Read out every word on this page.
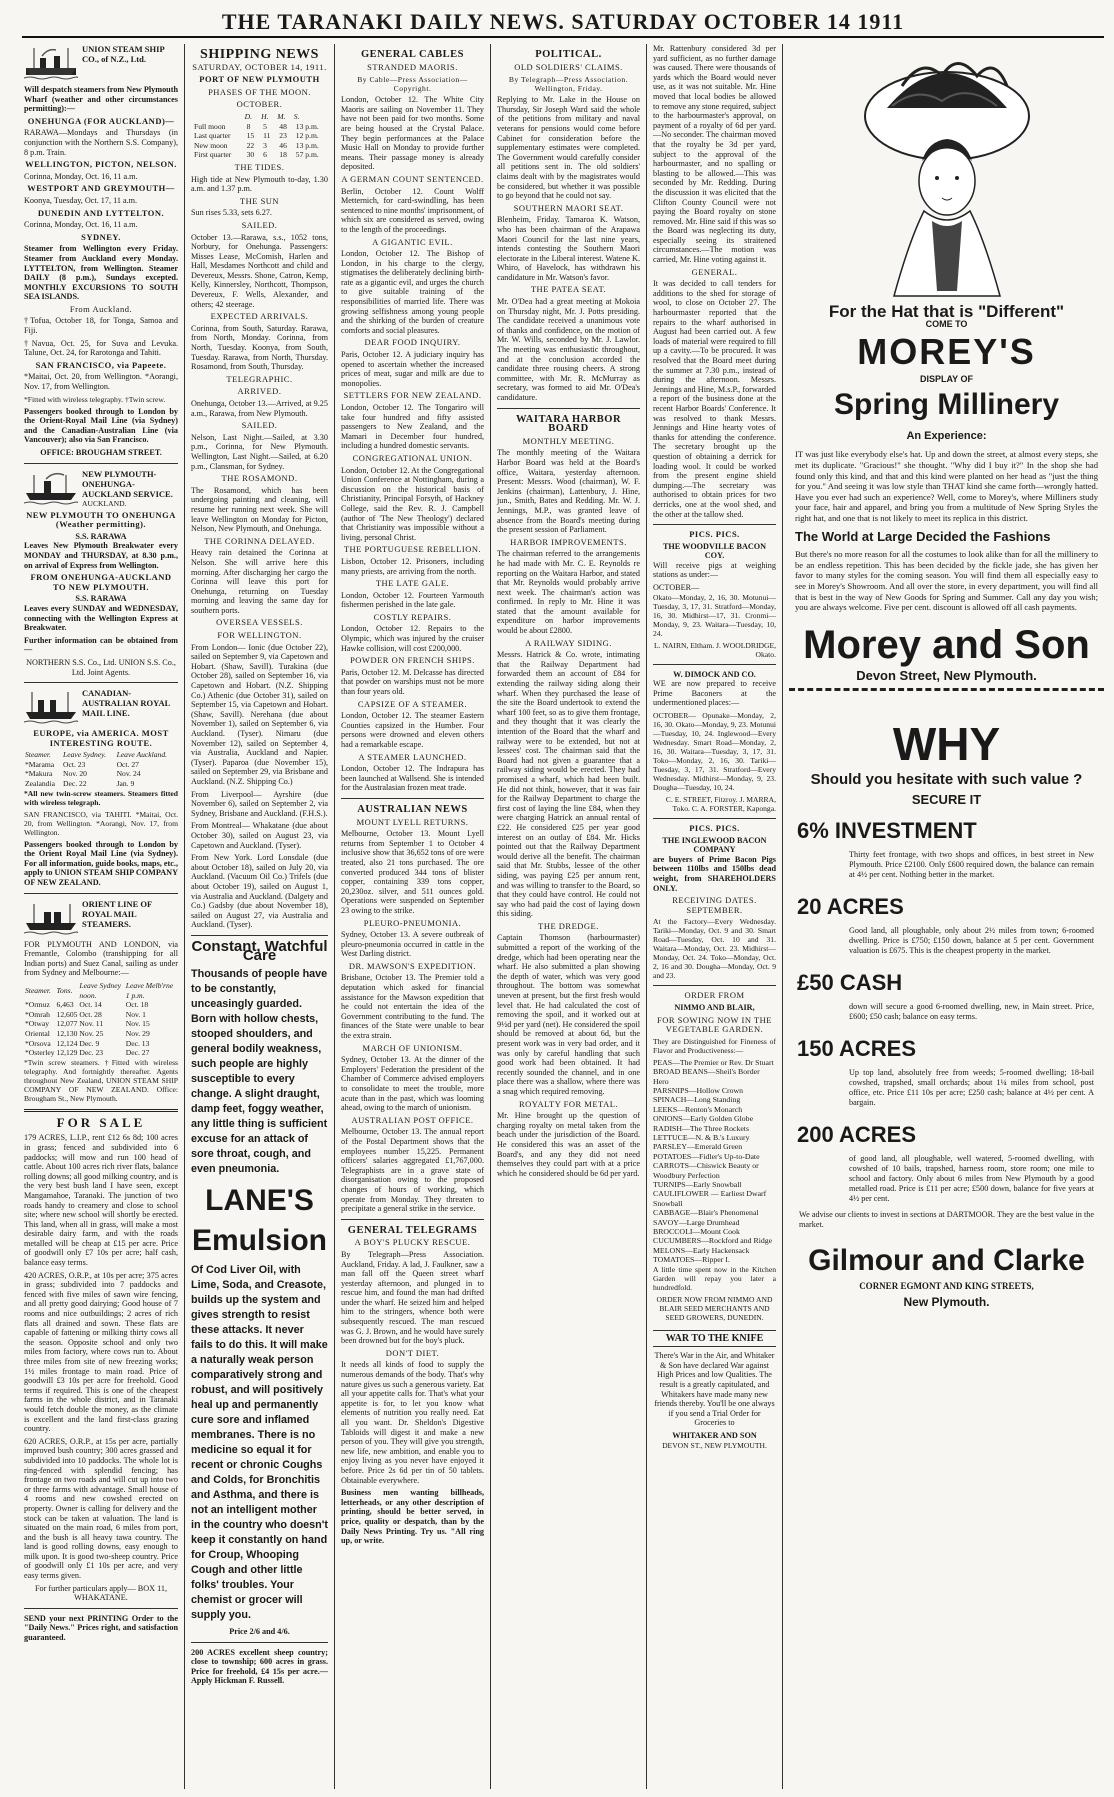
THE TARANAKI DAILY NEWS. SATURDAY OCTOBER 14 1911
UNION STEAM SHIP CO., of N.Z., Ltd.

Will despatch steamers from New Plymouth Wharf (weather and other circumstances permitting):—

ONEHUNGA (FOR AUCKLAND)—

RARAWA—Mondays and Thursdays (in conjunction with the Northern S.S. Company), 8 p.m. Train.

WELLINGTON, PICTON, NELSON.

Corinna, Monday, Oct. 16, 11 a.m.

WESTPORT AND GREYMOUTH—

Koonya, Tuesday, Oct. 17, 11 a.m.

DUNEDIN AND LYTTELTON.

Corinna, Monday, Oct. 16, 11 a.m.

SYDNEY.

Steamer from Wellington every Friday. Steamer from Auckland every Monday. LYTTELTON, from Wellington. Steamer DAILY (8 p.m.), Sundays excepted. MONTHLY EXCURSIONS TO SOUTH SEA ISLANDS.

From Auckland.

†Tofua, October 18, for Tonga, Samoa and Fiji.

†Navua, Oct. 25, for Suva and Levuka. Talune, Oct. 24, for Rarotonga and Tahiti.

SAN FRANCISCO, via Papeete.

*Maitai, Oct. 20, from Wellington. *Aorangi, Nov. 17, from Wellington.

*Fitted with wireless telegraphy. †Twin screw.

Passengers booked through to London by the Orient-Royal Mail Line (via Sydney) and the Canadian-Australian Line (via Vancouver); also via San Francisco.

OFFICE: BROUGHAM STREET.
NEW PLYMOUTH-ONEHUNGA-AUCKLAND SERVICE.
AUCKLAND.
NEW PLYMOUTH TO ONEHUNGA (Weather permitting).
S.S. RARAWA

Leaves New Plymouth Breakwater every MONDAY and THURSDAY, at 8.30 p.m., on arrival of Express from Wellington.

FROM ONEHUNGA-AUCKLAND TO NEW PLYMOUTH.
S.S. RARAWA

Leaves every SUNDAY and WEDNESDAY, connecting with the Wellington Express at Breakwater.

Further information can be obtained from—

NORTHERN S.S. Co., Ltd. UNION S.S. Co., Ltd. Joint Agents.

CANADIAN-AUSTRALIAN ROYAL MAIL LINE.
EUROPE, via AMERICA. MOST INTERESTING ROUTE.
Steamer.	Leave Sydney.	Leave Auckland.
*Marama	Oct. 23	Oct. 27
*Makura	Nov. 20	Nov. 24
Zealandia	Dec. 22	Jan. 9

*All new twin-screw steamers. Steamers fitted with wireless telegraph.

SAN FRANCISCO, via TAHITI. *Maitai, Oct. 20, from Wellington. *Aorangi, Nov. 17, from Wellington.

Passengers booked through to London by the Orient Royal Mail Line (via Sydney). For all information, guide books, maps, etc., apply to UNION STEAM SHIP COMPANY OF NEW ZEALAND.

ORIENT LINE OF ROYAL MAIL STEAMERS.

FOR PLYMOUTH AND LONDON, via Fremantle, Colombo (transhipping for all Indian ports) and Suez Canal, sailing as under from Sydney and Melbourne:—

Steamer.	Tons.	Leave Sydney noon.	Leave Melb'rne 1 p.m.
*Ormuz	6,463	Oct. 14	Oct. 18
*Omrah	12,605	Oct. 28	Nov. 1
*Otway	12,077	Nov. 11	Nov. 15
Oriental	12,130	Nov. 25	Nov. 29
*Orsova	12,124	Dec. 9	Dec. 13
*Osterley	12,129	Dec. 23	Dec. 27

*Twin screw steamers. †Fitted with wireless telegraphy. And fortnightly thereafter. Agents throughout New Zealand, UNION STEAM SHIP COMPANY OF NEW ZEALAND. Office: Brougham St., New Plymouth.

FOR SALE

179 ACRES, L.I.P., rent £12 6s 8d; 100 acres in grass; fenced and subdivided into 6 paddocks; will mow and run 100 head of cattle. About 100 acres rich river flats, balance rolling downs; all good milking country, and is the very best bush land I have seen, except Mangamahoe, Taranaki. The junction of two roads handy to creamery and close to school site; where new school will shortly be erected. This land, when all in grass, will make a most desirable dairy farm, and with the roads metalled will be cheap at £15 per acre. Price of goodwill only £7 10s per acre; half cash, balance easy terms.

420 ACRES, O.R.P., at 10s per acre; 375 acres in grass; subdivided into 7 paddocks and fenced with five miles of sawn wire fencing, and all pretty good dairying; Good house of 7 rooms and nice outbuildings; 2 acres of rich flats all drained and sown. These flats are capable of fattening or milking thirty cows all the season. Opposite school and only two miles from factory, where cows run to. About three miles from site of new freezing works; 1½ miles frontage to main road. Price of goodwill £3 10s per acre for freehold. Good terms if required. This is one of the cheapest farms in the whole district, and in Taranaki would fetch double the money, as the climate is excellent and the land first-class grazing country.

620 ACRES, O.R.P., at 15s per acre, partially improved bush country; 300 acres grassed and subdivided into 10 paddocks. The whole lot is ring-fenced with splendid fencing; has frontage on two roads and will cut up into two or three farms with advantage. Small house of 4 rooms and new cowshed erected on property. Owner is calling for delivery and the stock can be taken at valuation. The land is situated on the main road, 6 miles from port, and the bush is all heavy tawa country. The land is good rolling downs, easy enough to milk upon. It is good two-sheep country. Price of goodwill only £1 10s per acre, and very easy terms given.

For further particulars apply— BOX 11, WHAKATANE.

SEND your next PRINTING Order to the "Daily News." Prices right, and satisfaction guaranteed.

SHIPPING NEWS
SATURDAY, OCTOBER 14, 1911.
PORT OF NEW PLYMOUTH
PHASES OF THE MOON.
OCTOBER.
	D.	H.	M.	S.
Full moon	8	5	48	13 p.m.
Last quarter	15	11	23	12 p.m.
New moon	22	3	46	13 p.m.
First quarter	30	6	18	57 p.m.
THE TIDES.

High tide at New Plymouth to-day, 1.30 a.m. and 1.37 p.m.

THE SUN

Sun rises 5.33, sets 6.27.

SAILED.

October 13.—Rarawa, s.s., 1052 tons, Norbury, for Onehunga. Passengers: Misses Lease, McComish, Harlen and Hall, Mesdames Northcott and child and Devereux, Messrs. Shone, Catron, Kemp, Kelly, Kinnersley, Northcott, Thompson, Devereux, F. Wells, Alexander, and others; 42 steerage.

EXPECTED ARRIVALS.

Corinna, from South, Saturday. Rarawa, from North, Monday. Corinna, from North, Tuesday. Koonya, from South, Tuesday. Rarawa, from North, Thursday. Rosamond, from South, Thursday.

TELEGRAPHIC.
ARRIVED.

Onehunga, October 13.—Arrived, at 9.25 a.m., Rarawa, from New Plymouth.

SAILED.

Nelson, Last Night.—Sailed, at 3.30 p.m., Corinna, for New Plymouth. Wellington, Last Night.—Sailed, at 6.20 p.m., Clansman, for Sydney.

THE ROSAMOND.

The Rosamond, which has been undergoing painting and cleaning, will resume her running next week. She will leave Wellington on Monday for Picton, Nelson, New Plymouth, and Onehunga.

THE CORINNA DELAYED.

Heavy rain detained the Corinna at Nelson. She will arrive here this morning. After discharging her cargo the Corinna will leave this port for Onehunga, returning on Tuesday morning and leaving the same day for southern ports.

OVERSEA VESSELS.
FOR WELLINGTON.

From London— Ionic (due October 22), sailed on September 9, via Capetown and Hobart. (Shaw, Savill). Turakina (due October 28), sailed on September 16, via Capetown and Hobart. (N.Z. Shipping Co.) Athenic (due October 31), sailed on September 15, via Capetown and Hobart. (Shaw, Savill). Nerehana (due about November 1), sailed on September 6, via Auckland. (Tyser). Nimaru (due November 12), sailed on September 4, via Australia, Auckland and Napier. (Tyser). Paparoa (due November 15), sailed on September 29, via Brisbane and Auckland. (N.Z. Shipping Co.)

From Liverpool— Ayrshire (due November 6), sailed on September 2, via Sydney, Brisbane and Auckland. (F.H.S.).

From Montreal— Whakatane (due about October 30), sailed on August 23, via Capetown and Auckland. (Tyser).

From New York. Lord Lonsdale (due about October 18), sailed on July 20, via Auckland. (Vacuum Oil Co.) Trifels (due about October 19), sailed on August 1, via Australia and Auckland. (Dalgety and Co.) Gadsby (due about November 18), sailed on August 27, via Australia and Auckland. (Tyser).

Constant, Watchful Care
Thousands of people have to be constantly, unceasingly guarded. Born with hollow chests, stooped shoulders, and general bodily weakness, such people are highly susceptible to every change. A slight draught, damp feet, foggy weather, any little thing is sufficient excuse for an attack of sore throat, cough, and even pneumonia.
LANE'S
Emulsion
Of Cod Liver Oil, with Lime, Soda, and Creasote, builds up the system and gives strength to resist these attacks. It never fails to do this. It will make a naturally weak person comparatively strong and robust, and will positively heal up and permanently cure sore and inflamed membranes. There is no medicine so equal it for recent or chronic Coughs and Colds, for Bronchitis and Asthma, and there is not an intelligent mother in the country who doesn't keep it constantly on hand for Croup, Whooping Cough and other little folks' troubles. Your chemist or grocer will supply you.
Price 2/6 and 4/6.

200 ACRES excellent sheep country; close to township; 600 acres in grass. Price for freehold, £4 15s per acre.—Apply Hickman F. Russell.

GENERAL CABLES
STRANDED MAORIS.
By Cable—Press Association—Copyright.

London, October 12. The White City Maoris are sailing on November 11. They have not been paid for two months. Some are being housed at the Crystal Palace. They begin performances at the Palace Music Hall on Monday to provide further means. Their passage money is already deposited.

A GERMAN COUNT SENTENCED.

Berlin, October 12. Count Wolff Metternich, for card-swindling, has been sentenced to nine months' imprisonment, of which six are considered as served, owing to the length of the proceedings.

A GIGANTIC EVIL.

London, October 12. The Bishop of London, in his charge to the clergy, stigmatises the deliberately declining birth-rate as a gigantic evil, and urges the church to give suitable training of the responsibilities of married life. There was growing selfishness among young people and the shirking of the burden of creature comforts and social pleasures.

DEAR FOOD INQUIRY.

Paris, October 12. A judiciary inquiry has opened to ascertain whether the increased prices of meat, sugar and milk are due to monopolies.

SETTLERS FOR NEW ZEALAND.

London, October 12. The Tongariro will take four hundred and fifty assisted passengers to New Zealand, and the Mamari in December four hundred, including a hundred domestic servants.

CONGREGATIONAL UNION.

London, October 12. At the Congregational Union Conference at Nottingham, during a discussion on the historical basis of Christianity, Principal Forsyth, of Hackney College, said the Rev. R. J. Campbell (author of 'The New Theology') declared that Christianity was impossible without a living, personal Christ.

THE PORTUGUESE REBELLION.

Lisbon, October 12. Prisoners, including many priests, are arriving from the north.

THE LATE GALE.

London, October 12. Fourteen Yarmouth fishermen perished in the late gale.

COSTLY REPAIRS.

London, October 12. Repairs to the Olympic, which was injured by the cruiser Hawke collision, will cost £200,000.

POWDER ON FRENCH SHIPS.

Paris, October 12. M. Delcasse has directed that powder on warships must not be more than four years old.

CAPSIZE OF A STEAMER.

London, October 12. The steamer Eastern Counties capsized in the Humber. Four persons were drowned and eleven others had a remarkable escape.

A STEAMER LAUNCHED.

London, October 12. The Indrapura has been launched at Wallsend. She is intended for the Australasian frozen meat trade.

AUSTRALIAN NEWS
MOUNT LYELL RETURNS.

Melbourne, October 13. Mount Lyell returns from September 1 to October 4 inclusive show that 36,652 tons of ore were treated, also 21 tons purchased. The ore converted produced 344 tons of blister copper, containing 339 tons copper, 20,230oz. silver, and 511 ounces gold. Operations were suspended on September 23 owing to the strike.

PLEURO-PNEUMONIA.

Sydney, October 13. A severe outbreak of pleuro-pneumonia occurred in cattle in the West Darling district.

DR. MAWSON'S EXPEDITION.

Brisbane, October 13. The Premier told a deputation which asked for financial assistance for the Mawson expedition that he could not entertain the idea of the Government contributing to the fund. The finances of the State were unable to bear the extra strain.

MARCH OF UNIONISM.

Sydney, October 13. At the dinner of the Employers' Federation the president of the Chamber of Commerce advised employers to consolidate to meet the trouble, more acute than in the past, which was looming ahead, owing to the march of unionism.

AUSTRALIAN POST OFFICE.

Melbourne, October 13. The annual report of the Postal Department shows that the employees number 15,225. Permanent officers' salaries aggregated £1,767,000. Telegraphists are in a grave state of disorganisation owing to the proposed changes of hours of working, which operate from Monday. They threaten to precipitate a general strike in the service.

GENERAL TELEGRAMS
A BOY'S PLUCKY RESCUE.

By Telegraph—Press Association. Auckland, Friday. A lad, J. Faulkner, saw a man fall off the Queen street wharf yesterday afternoon, and plunged in to rescue him, and found the man had drifted under the wharf. He seized him and helped him to the stringers, whence both were subsequently rescued. The man rescued was G. J. Brown, and he would have surely been drowned but for the boy's pluck.

DON'T DIET.

It needs all kinds of food to supply the numerous demands of the body. That's why nature gives us such a generous variety. Eat all your appetite calls for. That's what your appetite is for, to let you know what elements of nutrition you really need. Eat all you want. Dr. Sheldon's Digestive Tabloids will digest it and make a new person of you. They will give you strength, new life, new ambition, and enable you to enjoy living as you never have enjoyed it before. Price 2s 6d per tin of 50 tablets. Obtainable everywhere.

Business men wanting billheads, letterheads, or any other description of printing, should be better served, in price, quality or despatch, than by the Daily News Printing. Try us. "All ring up, or write.

POLITICAL.
OLD SOLDIERS' CLAIMS.
By Telegraph—Press Association. Wellington, Friday.

Replying to Mr. Lake in the House on Thursday, Sir Joseph Ward said the whole of the petitions from military and naval veterans for pensions would come before Cabinet for consideration before the supplementary estimates were completed. The Government would carefully consider all petitions sent in. The old soldiers' claims dealt with by the magistrates would be considered, but whether it was possible to go beyond that he could not say.

SOUTHERN MAORI SEAT.

Blenheim, Friday. Tamaroa K. Watson, who has been chairman of the Arapawa Maori Council for the last nine years, intends contesting the Southern Maori electorate in the Liberal interest. Watene K. Whiro, of Havelock, has withdrawn his candidature in Mr. Watson's favor.

THE PATEA SEAT.

Mr. O'Dea had a great meeting at Mokoia on Thursday night, Mr. J. Potts presiding. The candidate received a unanimous vote of thanks and confidence, on the motion of Mr. W. Wills, seconded by Mr. J. Lawlor. The meeting was enthusiastic throughout, and at the conclusion accorded the candidate three rousing cheers. A strong committee, with Mr. R. McMurray as secretary, was formed to aid Mr. O'Dea's candidature.

WAITARA HARBOR BOARD
MONTHLY MEETING.

The monthly meeting of the Waitara Harbor Board was held at the Board's office, Waitara, yesterday afternoon. Present: Messrs. Wood (chairman), W. F. Jenkins (chairman), Lattenbury, J. Hine, jun., Smith, Bates and Redding. Mr. W. J. Jennings, M.P., was granted leave of absence from the Board's meeting during the present session of Parliament.

HARBOR IMPROVEMENTS.

The chairman referred to the arrangements he had made with Mr. C. E. Reynolds re reporting on the Waitara Harbor, and stated that Mr. Reynolds would probably arrive next week. The chairman's action was confirmed. In reply to Mr. Hine it was stated that the amount available for expenditure on harbor improvements would be about £2800.

A RAILWAY SIDING.

Messrs. Hatrick & Co. wrote, intimating that the Railway Department had forwarded them an account of £84 for extending the railway siding along their wharf. When they purchased the lease of the site the Board undertook to extend the wharf 100 feet, so as to give them frontage, and they thought that it was clearly the intention of the Board that the wharf and railway were to be extended, but not at lessees' cost. The chairman said that the Board had not given a guarantee that a railway siding would be erected. They had promised a wharf, which had been built. He did not think, however, that it was fair for the Railway Department to charge the first cost of laying the line £84, when they were charging Hatrick an annual rental of £22. He considered £25 per year good interest on an outlay of £84. Mr. Hicks pointed out that the Railway Department would derive all the benefit. The chairman said that Mr. Stubbs, lessee of the other siding, was paying £25 per annum rent, and was willing to transfer to the Board, so that they could have control. He could not say who had paid the cost of laying down this siding.

THE DREDGE.

Captain Thomson (harbourmaster) submitted a report of the working of the dredge, which had been operating near the wharf. He also submitted a plan showing the depth of water, which was very good throughout. The bottom was somewhat uneven at present, but the first fresh would level that. He had calculated the cost of removing the spoil, and it worked out at 9½d per yard (net). He considered the spoil should be removed at about 6d, but the present work was in very bad order, and it was only by careful handling that such good work had been obtained. It had recently sounded the channel, and in one place there was a shallow, where there was a snag which required removing.

ROYALTY FOR METAL.

Mr. Hine brought up the question of charging royalty on metal taken from the beach under the jurisdiction of the Board. He considered this was an asset of the Board's, and any they did not need themselves they could part with at a price which he considered should be 6d per yard.

Mr. Rattenbury considered 3d per yard sufficient, as no further damage was caused. There were thousands of yards which the Board would never use, as it was not suitable. Mr. Hine moved that local bodies be allowed to remove any stone required, subject to the harbourmaster's approval, on payment of a royalty of 6d per yard.—No seconder. The chairman moved that the royalty be 3d per yard, subject to the approval of the harbourmaster, and no spalling or blasting to be allowed.—This was seconded by Mr. Redding. During the discussion it was elicited that the Clifton County Council were not paying the Board royalty on stone removed. Mr. Hine said if this was so the Board was neglecting its duty, especially seeing its straitened circumstances.—The motion was carried, Mr. Hine voting against it.

GENERAL.

It was decided to call tenders for additions to the shed for storage of wool, to close on October 27. The harbourmaster reported that the repairs to the wharf authorised in August had been carried out. A few loads of material were required to fill up a cavity.—To be procured. It was resolved that the Board meet during the summer at 7.30 p.m., instead of during the afternoon. Messrs. Jennings and Hine, M.s.P., forwarded a report of the business done at the recent Harbor Boards' Conference. It was resolved to thank Messrs. Jennings and Hine hearty votes of thanks for attending the conference. The secretary brought up the question of obtaining a derrick for loading wool. It could be worked from the present engine shield dumping.—The secretary was authorised to obtain prices for two derricks, one at the wool shed, and the other at the tallow shed.

PICS. PICS.
THE WOODVILLE BACON COY.

Will receive pigs at weighing stations as under:—

OCTOBER—

Okato—Monday, 2, 16, 30. Motunui—Tuesday, 3, 17, 31. Stratford—Monday, 16, 30. Midhirst—17, 31. Cronmi—Monday, 9, 23. Waitara—Tuesday, 10, 24.

L. NAIRN, Eltham. J. WOOLDRIDGE, Okato.

W. DIMOCK AND CO.

WE are now prepared to receive Prime Baconers at the undermentioned places:—

OCTOBER— Opunake—Monday, 2, 16, 30. Okato—Monday, 9, 23. Motunui—Tuesday, 10, 24. Inglewood—Every Wednesday. Smart Road—Monday, 2, 16, 30. Waitara—Tuesday, 3, 17, 31. Toko—Monday, 2, 16, 30. Tariki—Tuesday, 3, 17, 31. Stratford—Every Wednesday. Midhirst—Monday, 9, 23. Dougha—Tuesday, 10, 24.

C. E. STREET, Fitzroy. J. MARRA, Toko. C. A. FORSTER, Kaponga.

PICS. PICS.
THE INGLEWOOD BACON COMPANY

are buyers of Prime Bacon Pigs between 110lbs and 150lbs dead weight, from SHAREHOLDERS ONLY.

RECEIVING DATES. SEPTEMBER.

At the Factory—Every Wednesday. Tariki—Monday, Oct. 9 and 30. Smart Road—Tuesday, Oct. 10 and 31. Waitara—Monday, Oct. 23. Midhirst—Monday, Oct. 24. Toko—Monday, Oct. 2, 16 and 30. Dougha—Monday, Oct. 9 and 23.

ORDER FROM
NIMMO AND BLAIR,
FOR SOWING NOW IN THE VEGETABLE GARDEN.

They are Distinguished for Fineness of Flavor and Productiveness:—

PEAS—The Premier or Rev. Dr Stuart
BROAD BEANS—Sheil's Border Hero
PARSNIPS—Hollow Crown
SPINACH—Long Standing
LEEKS—Renton's Monarch
ONIONS—Early Golden Globe
RADISH—The Three Rockets
LETTUCE—N. & B.'s Luxury
PARSLEY—Emerald Green
POTATOES—Fidler's Up-to-Date
CARROTS—Chiswick Beauty or Woodbury Perfection
TURNIPS—Early Snowball
CAULIFLOWER — Earliest Dwarf Snowball
CABBAGE—Blair's Phenomenal
SAVOY—Large Drumhead
BROCCOLI—Mount Cook
CUCUMBERS—Rockford and Ridge
MELONS—Early Hackensack
TOMATOES—Ripper I.

A little time spent now in the Kitchen Garden will repay you later a hundredfold.

ORDER NOW FROM NIMMO AND BLAIR SEED MERCHANTS AND SEED GROWERS, DUNEDIN.

WAR TO THE KNIFE

There's War in the Air, and Whitaker & Son have declared War against High Prices and low Qualities. The result is a greatly capitulated, and Whitakers have made many new friends thereby. You'll be one always if you send a Trial Order for Groceries to

WHITAKER AND SON
DEVON ST., NEW PLYMOUTH.
For the Hat that is "Different"
COME TO
MOREY'S
DISPLAY OF
Spring Millinery
An Experience:
IT was just like everybody else's hat. Up and down the street, at almost every steps, she met its duplicate. "Gracious!" she thought. "Why did I buy it?" In the shop she had found only this kind, and that and this kind were planted on her head as "just the thing for you." And seeing it was low style than THAT kind she came forth—wrongly hatted. Have you ever had such an experience? Well, come to Morey's, where Milliners study your face, hair and apparel, and bring you from a multitude of New Spring Styles the right hat, and one that is not likely to meet its replica in this district.
The World at Large Decided the Fashions
But there's no more reason for all the costumes to look alike than for all the millinery to be an endless repetition. This has been decided by the fickle jade, she has given her favor to many styles for the coming season. You will find them all especially easy to see in Morey's Showroom. And all over the store, in every department, you will find all that is best in the way of New Goods for Spring and Summer. Call any day you wish; you are always welcome. Five per cent. discount is allowed off all cash payments.
Morey and Son
Devon Street, New Plymouth.
WHY
Should you hesitate with such value ?
SECURE IT
6% INVESTMENT
Thirty feet frontage, with two shops and offices, in best street in New Plymouth. Price £2100. Only £600 required down, the balance can remain at 4½ per cent. Nothing better in the market.
20 ACRES
Good land, all ploughable, only about 2½ miles from town; 6-roomed dwelling. Price is £750; £150 down, balance at 5 per cent. Government valuation is £675. This is the cheapest property in the market.
£50 CASH
down will secure a good 6-roomed dwelling, new, in Main street. Price, £600; £50 cash; balance on easy terms.
150 ACRES
Up top land, absolutely free from weeds; 5-roomed dwelling; 18-bail cowshed, trapshed, small orchards; about 1¼ miles from school, post office, etc. Price £11 10s per acre; £250 cash; balance at 4½ per cent. A bargain.
200 ACRES
of good land, all ploughable, well watered, 5-roomed dwelling, with cowshed of 10 bails, trapshed, harness room, store room; one mile to school and factory. Only about 6 miles from New Plymouth by a good metalled road. Price is £11 per acre; £500 down, balance for five years at 4½ per cent.
We advise our clients to invest in sections at DARTMOOR. They are the best value in the market.
Gilmour and Clarke
CORNER EGMONT AND KING STREETS,
New Plymouth.
